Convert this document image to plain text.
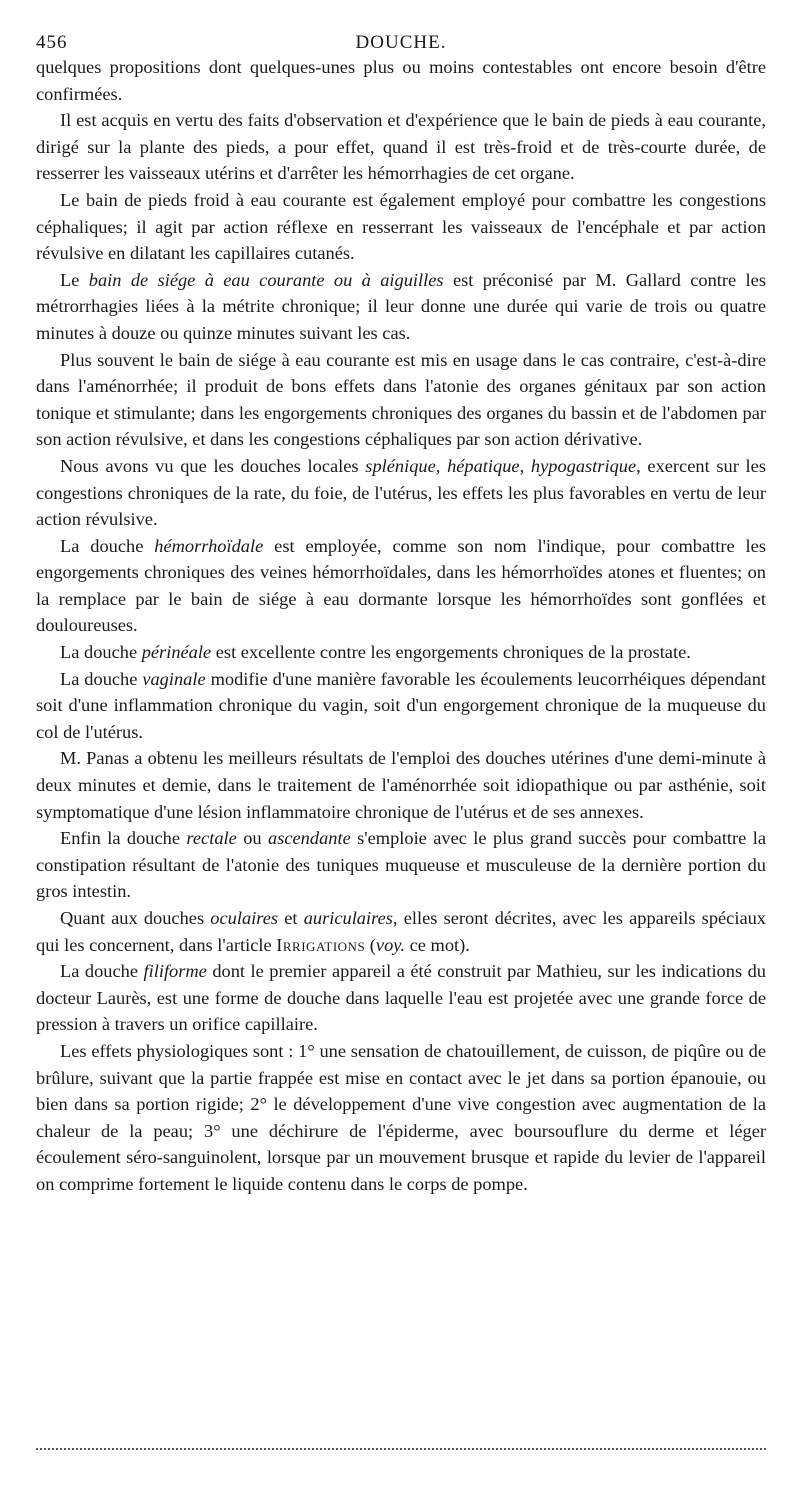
456	DOUCHE.

quelques propositions dont quelques-unes plus ou moins contestables ont encore besoin d'être confirmées.

Il est acquis en vertu des faits d'observation et d'expérience que le bain de pieds à eau courante, dirigé sur la plante des pieds, a pour effet, quand il est très-froid et de très-courte durée, de resserrer les vaisseaux utérins et d'arrêter les hémorrhagies de cet organe.

Le bain de pieds froid à eau courante est également employé pour combattre les congestions céphaliques; il agit par action réflexe en resserrant les vaisseaux de l'encéphale et par action révulsive en dilatant les capillaires cutanés.

Le bain de siége à eau courante ou à aiguilles est préconisé par M. Gallard contre les métrorrhagies liées à la métrite chronique; il leur donne une durée qui varie de trois ou quatre minutes à douze ou quinze minutes suivant les cas.

Plus souvent le bain de siége à eau courante est mis en usage dans le cas contraire, c'est-à-dire dans l'aménorrhée; il produit de bons effets dans l'atonie des organes génitaux par son action tonique et stimulante; dans les engorgements chroniques des organes du bassin et de l'abdomen par son action révulsive, et dans les congestions céphaliques par son action dérivative.

Nous avons vu que les douches locales splénique, hépatique, hypogastrique, exercent sur les congestions chroniques de la rate, du foie, de l'utérus, les effets les plus favorables en vertu de leur action révulsive.

La douche hémorrhoïdale est employée, comme son nom l'indique, pour combattre les engorgements chroniques des veines hémorrhoïdales, dans les hémorrhoïdes atones et fluentes; on la remplace par le bain de siége à eau dormante lorsque les hémorrhoïdes sont gonflées et douloureuses.

La douche périnéale est excellente contre les engorgements chroniques de la prostate.

La douche vaginale modifie d'une manière favorable les écoulements leucorrhéiques dépendant soit d'une inflammation chronique du vagin, soit d'un engorgement chronique de la muqueuse du col de l'utérus.

M. Panas a obtenu les meilleurs résultats de l'emploi des douches utérines d'une demi-minute à deux minutes et demie, dans le traitement de l'aménorrhée soit idiopathique ou par asthénie, soit symptomatique d'une lésion inflammatoire chronique de l'utérus et de ses annexes.

Enfin la douche rectale ou ascendante s'emploie avec le plus grand succès pour combattre la constipation résultant de l'atonie des tuniques muqueuse et musculeuse de la dernière portion du gros intestin.

Quant aux douches oculaires et auriculaires, elles seront décrites, avec les appareils spéciaux qui les concernent, dans l'article Irrigations (voy. ce mot).

La douche filiforme dont le premier appareil a été construit par Mathieu, sur les indications du docteur Laurès, est une forme de douche dans laquelle l'eau est projetée avec une grande force de pression à travers un orifice capillaire.

Les effets physiologiques sont : 1° une sensation de chatouillement, de cuisson, de piqûre ou de brûlure, suivant que la partie frappée est mise en contact avec le jet dans sa portion épanouie, ou bien dans sa portion rigide; 2° le développement d'une vive congestion avec augmentation de la chaleur de la peau; 3° une déchirure de l'épiderme, avec boursouflure du derme et léger écoulement séro-sanguinolent, lorsque par un mouvement brusque et rapide du levier de l'appareil on comprime fortement le liquide contenu dans le corps de pompe.
